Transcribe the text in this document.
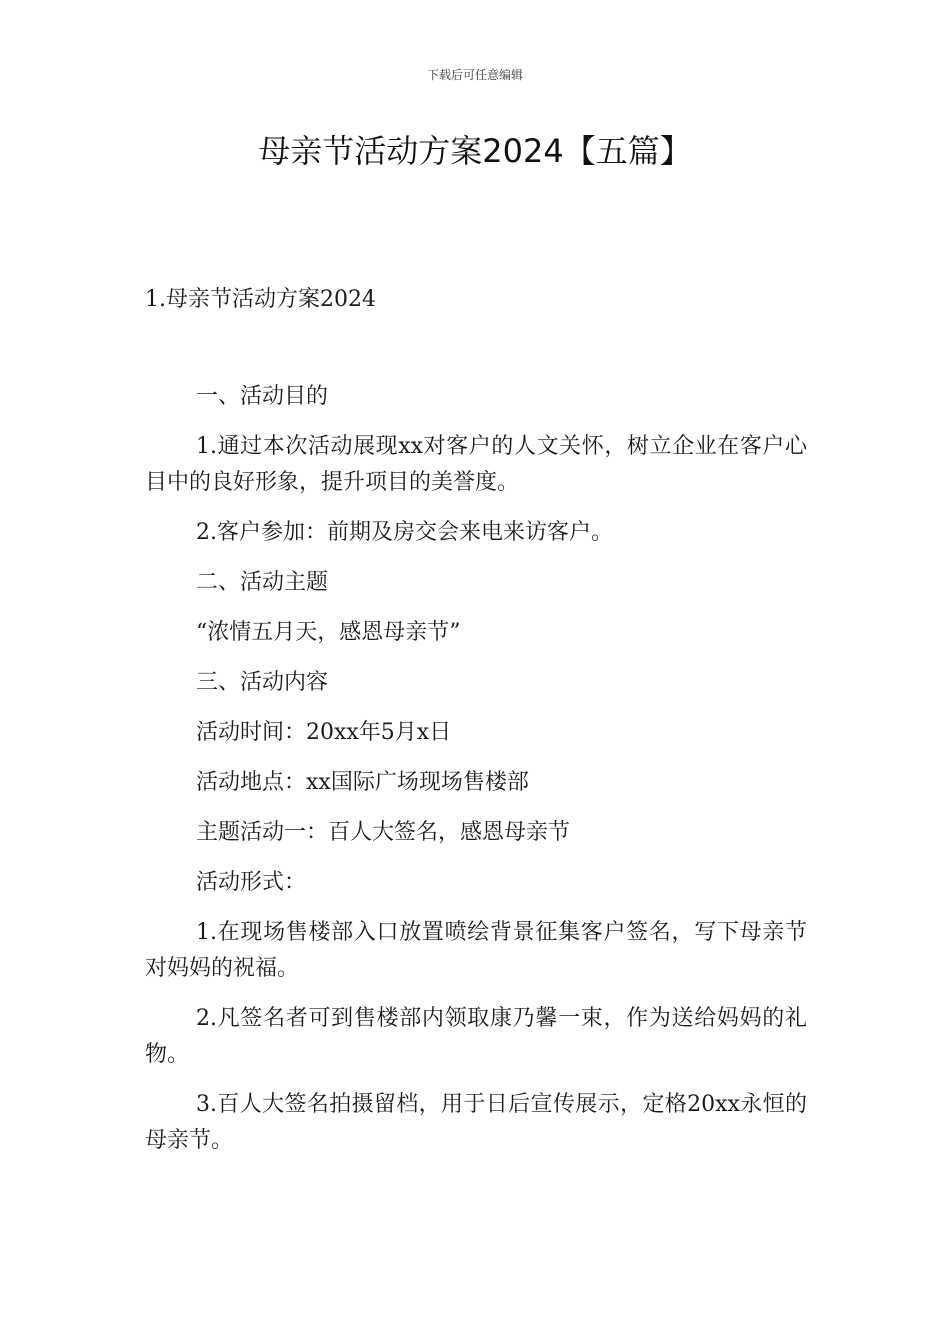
下载后可任意编辑
母亲节活动方案2024【五篇】
1.母亲节活动方案2024

一、活动目的

1.通过本次活动展现xx对客户的人文关怀，树立企业在客户心目中的良好形象，提升项目的美誉度。

2.客户参加：前期及房交会来电来访客户。

二、活动主题

“浓情五月天，感恩母亲节”

三、活动内容

活动时间：20xx年5月x日

活动地点：xx国际广场现场售楼部

主题活动一：百人大签名，感恩母亲节

活动形式：

1.在现场售楼部入口放置喷绘背景征集客户签名，写下母亲节对妈妈的祝福。

2.凡签名者可到售楼部内领取康乃馨一束，作为送给妈妈的礼物。

3.百人大签名拍摄留档，用于日后宣传展示，定格20xx永恒的母亲节。
